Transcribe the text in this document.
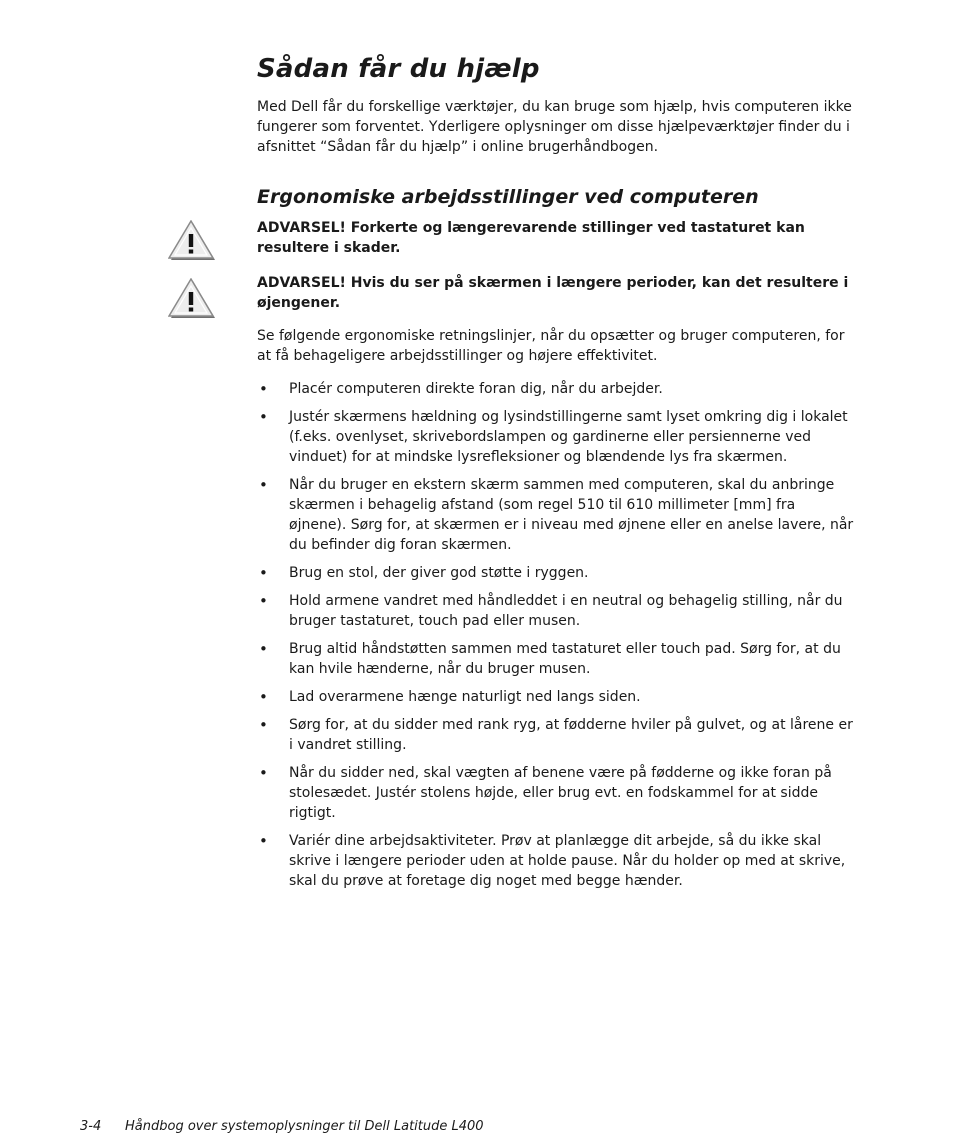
Sådan får du hjælp

Med Dell får du forskellige værktøjer, du kan bruge som hjælp, hvis computeren ikke fungerer som forventet. Yderligere oplysninger om disse hjælpeværktøjer finder du i afsnittet “Sådan får du hjælp” i online brugerhåndbogen.

Ergonomiske arbejdsstillinger ved computeren

ADVARSEL! Forkerte og længerevarende stillinger ved tastaturet kan resultere i skader.

ADVARSEL! Hvis du ser på skærmen i længere perioder, kan det resultere i øjengener.

Se følgende ergonomiske retningslinjer, når du opsætter og bruger computeren, for at få behageligere arbejdsstillinger og højere effektivitet.

• Placér computeren direkte foran dig, når du arbejder.
• Justér skærmens hældning og lysindstillingerne samt lyset omkring dig i lokalet (f.eks. ovenlyset, skrivebordslampen og gardinerne eller persiennerne ved vinduet) for at mindske lysrefleksioner og blændende lys fra skærmen.
• Når du bruger en ekstern skærm sammen med computeren, skal du anbringe skærmen i behagelig afstand (som regel 510 til 610 millimeter [mm] fra øjnene). Sørg for, at skærmen er i niveau med øjnene eller en anelse lavere, når du befinder dig foran skærmen.
• Brug en stol, der giver god støtte i ryggen.
• Hold armene vandret med håndleddet i en neutral og behagelig stilling, når du bruger tastaturet, touch pad eller musen.
• Brug altid håndstøtten sammen med tastaturet eller touch pad. Sørg for, at du kan hvile hænderne, når du bruger musen.
• Lad overarmene hænge naturligt ned langs siden.
• Sørg for, at du sidder med rank ryg, at fødderne hviler på gulvet, og at lårene er i vandret stilling.
• Når du sidder ned, skal vægten af benene være på fødderne og ikke foran på stolesædet. Justér stolens højde, eller brug evt. en fodskammel for at sidde rigtigt.
• Variér dine arbejdsaktiviteter. Prøv at planlægge dit arbejde, så du ikke skal skrive i længere perioder uden at holde pause. Når du holder op med at skrive, skal du prøve at foretage dig noget med begge hænder.

3-4 Håndbog over systemoplysninger til Dell Latitude L400
